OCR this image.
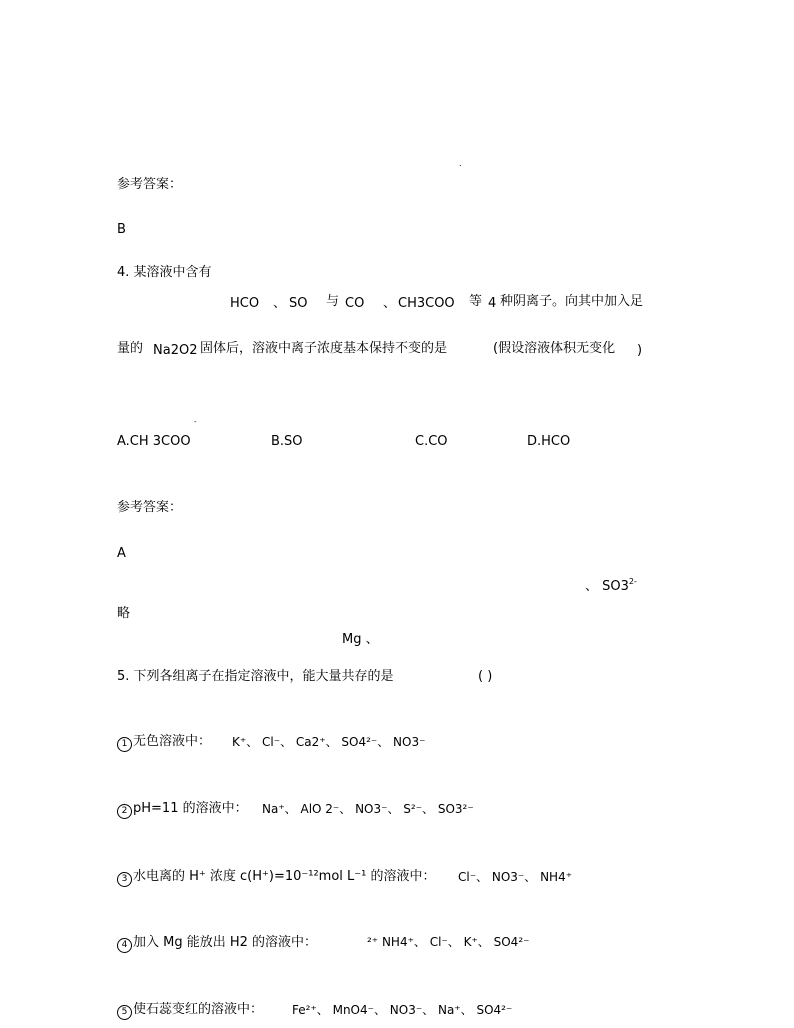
.
参考答案：
B
4. 某溶液中含有
HCO 、 SO 与 CO 、 CH3COO 等 4 种阴离子。向其中加入足
量的 Na2O2 固体后，溶液中离子浓度基本保持不变的是	(假设溶液体积无变化 )
-
A.CH 3COO	B.SO	C.CO	D.HCO
参考答案：
A
略
、 $SO3^{2-}$
Mg 、
5. 下列各组离子在指定溶液中，能大量共存的是	( )
1 无色溶液中： K⁺、 Cl⁻、 Ca2⁺、 SO4²⁻、 NO3⁻
2 pH=11 的溶液中： Na⁺、 AlO 2⁻、 NO3⁻、 S²⁻、 SO3²⁻
3 水电离的 H⁺ 浓度 c(H⁺)=10⁻¹²mol L⁻¹ 的溶液中： Cl⁻、 NO3⁻、 NH4⁺
4 加入 Mg 能放出 H2 的溶液中：	²⁺ NH4⁺、 Cl⁻、 K⁺、 SO4²⁻
5 使石蕊变红的溶液中： Fe²⁺、 MnO4⁻、 NO3⁻、 Na⁺、 SO4²⁻
